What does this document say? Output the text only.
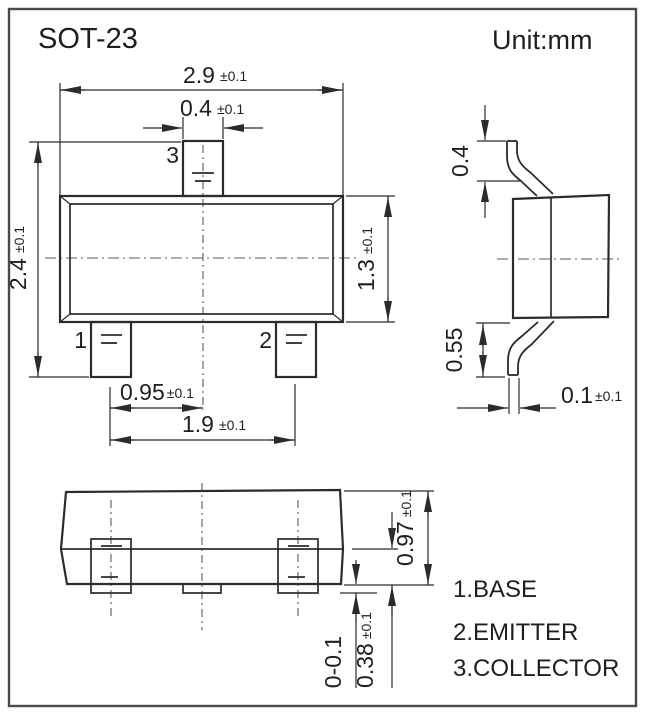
SOT-23	Unit:mm
3
1	2
2.9 ±0.1
0.4 ±0.1
2.4±0.1
1.3±0.1
0.95 ±0.1
1.9 ±0.1
0.4
0.55
0.1 ±0.1
0.97±0.1
0.38±0.1
0-0.1
1.BASE
2.EMITTER
3.COLLECTOR
